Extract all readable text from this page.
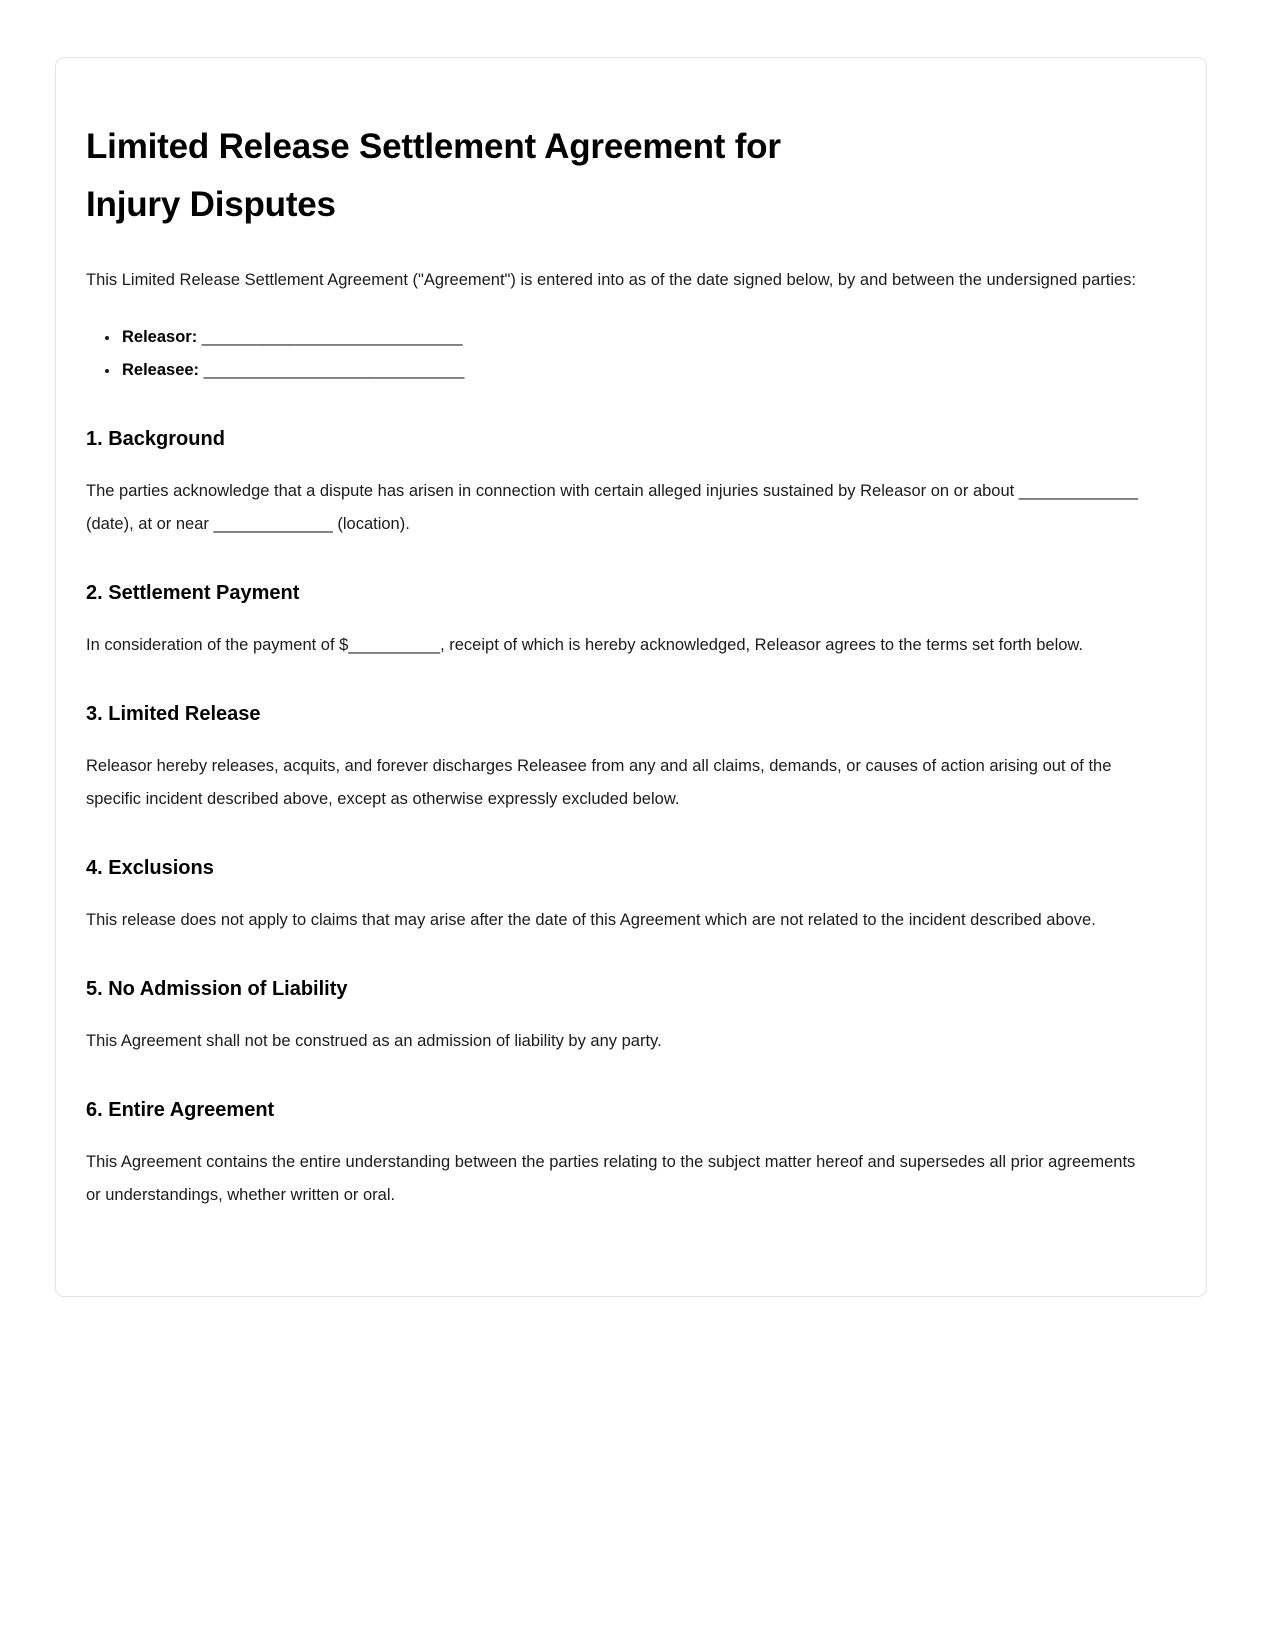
Limited Release Settlement Agreement for Injury Disputes

This Limited Release Settlement Agreement ("Agreement") is entered into as of the date signed below, by and between the undersigned parties:

• Releasor: ______________________________
• Releasee: ______________________________
1. Background

The parties acknowledge that a dispute has arisen in connection with certain alleged injuries sustained by Releasor on or about _____________ (date), at or near _____________ (location).

2. Settlement Payment

In consideration of the payment of $__________, receipt of which is hereby acknowledged, Releasor agrees to the terms set forth below.

3. Limited Release

Releasor hereby releases, acquits, and forever discharges Releasee from any and all claims, demands, or causes of action arising out of the specific incident described above, except as otherwise expressly excluded below.

4. Exclusions

This release does not apply to claims that may arise after the date of this Agreement which are not related to the incident described above.

5. No Admission of Liability

This Agreement shall not be construed as an admission of liability by any party.

6. Entire Agreement

This Agreement contains the entire understanding between the parties relating to the subject matter hereof and supersedes all prior agreements or understandings, whether written or oral.
